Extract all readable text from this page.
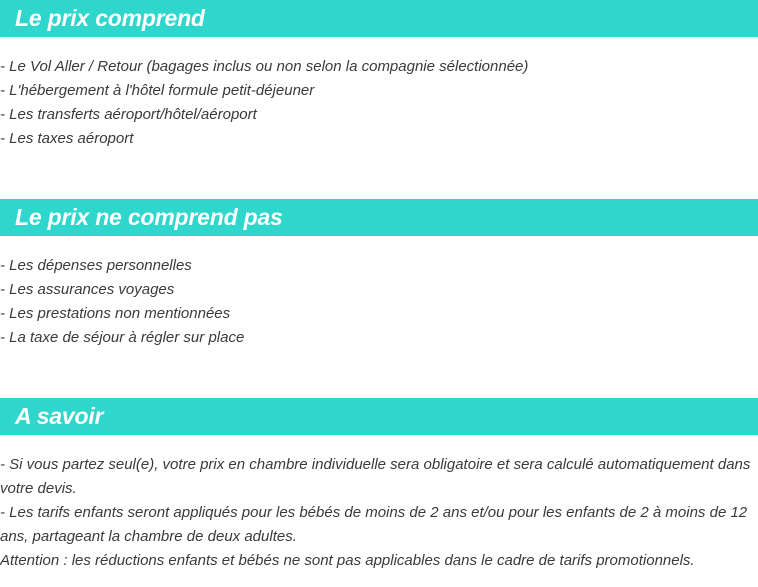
Le prix comprend
- Le Vol Aller / Retour (bagages inclus ou non selon la compagnie sélectionnée)
- L'hébergement à l'hôtel formule petit-déjeuner
- Les transferts aéroport/hôtel/aéroport
- Les taxes aéroport
Le prix ne comprend pas
- Les dépenses personnelles
- Les assurances voyages
- Les prestations non mentionnées
- La taxe de séjour à régler sur place
A savoir
- Si vous partez seul(e), votre prix en chambre individuelle sera obligatoire et sera calculé automatiquement dans votre devis.
- Les tarifs enfants seront appliqués pour les bébés de moins de 2 ans et/ou pour les enfants de 2 à moins de 12 ans, partageant la chambre de deux adultes.
Attention : les réductions enfants et bébés ne sont pas applicables dans le cadre de tarifs promotionnels.
